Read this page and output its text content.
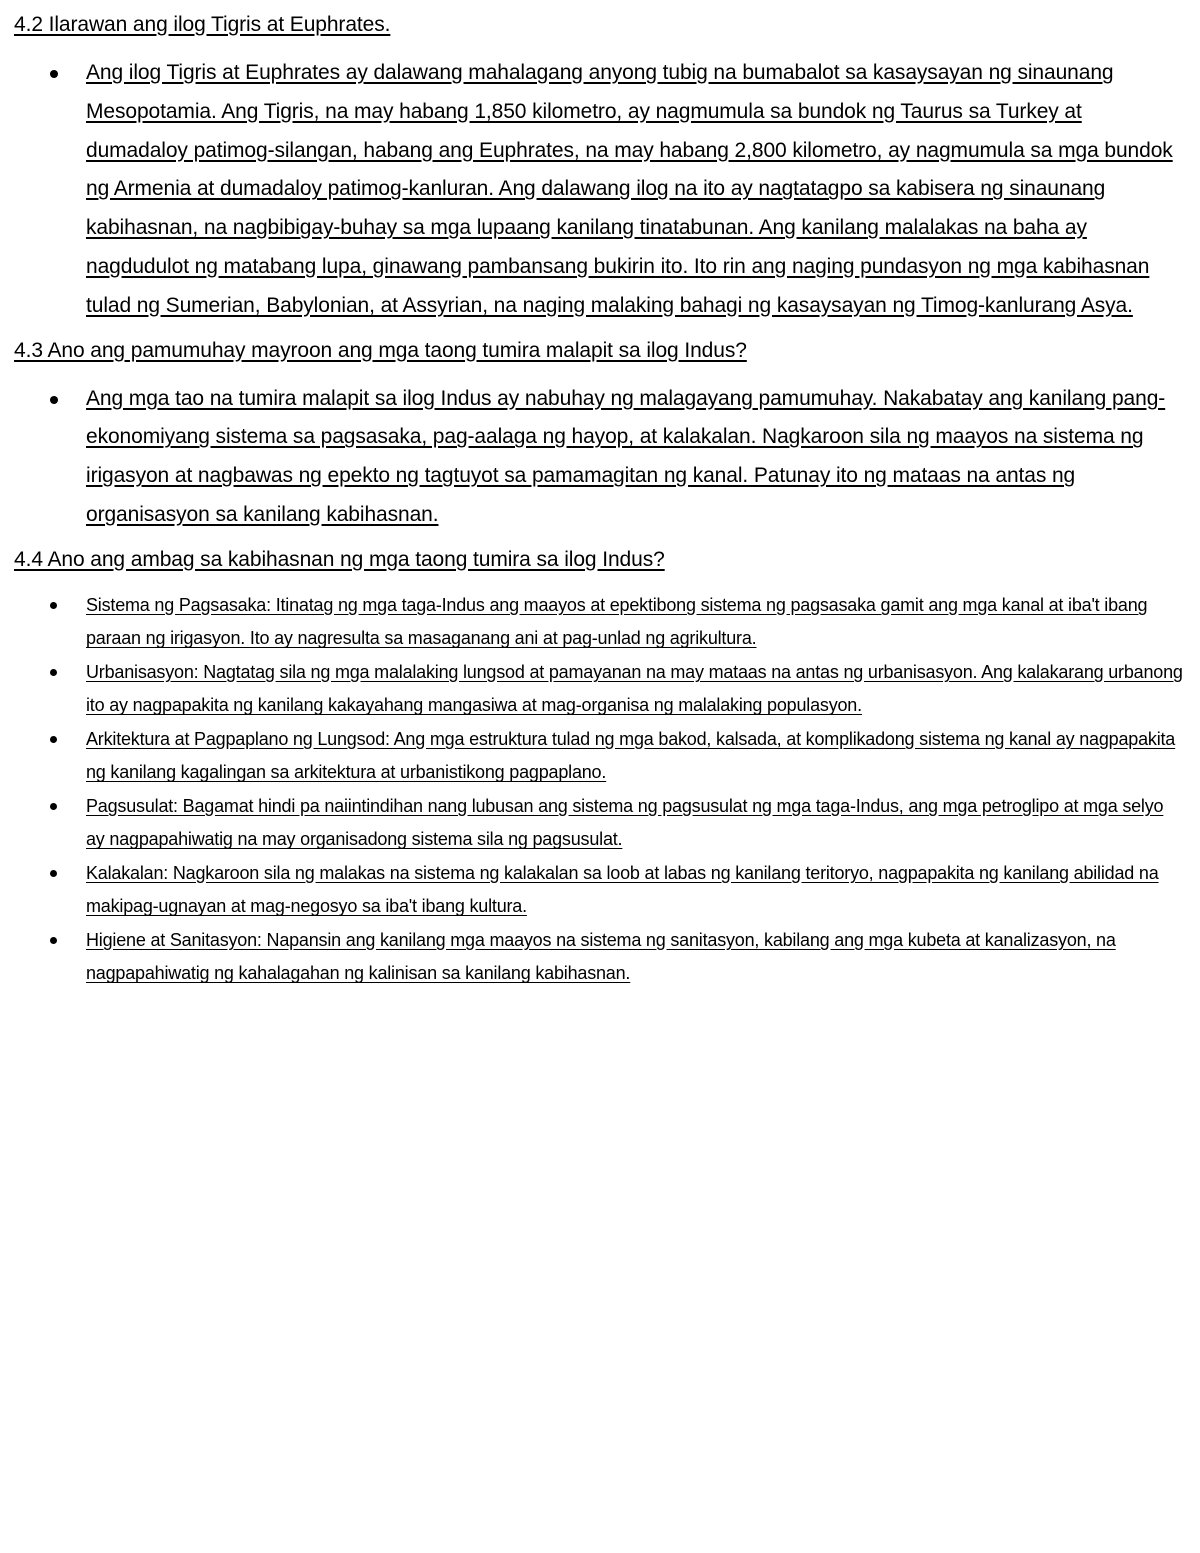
4.2 Ilarawan ang ilog Tigris at Euphrates.
Ang ilog Tigris at Euphrates ay dalawang mahalagang anyong tubig na bumabalot sa kasaysayan ng sinaunang Mesopotamia. Ang Tigris, na may habang 1,850 kilometro, ay nagmumula sa bundok ng Taurus sa Turkey at dumadaloy patimog-silangan, habang ang Euphrates, na may habang 2,800 kilometro, ay nagmumula sa mga bundok ng Armenia at dumadaloy patimog-kanluran. Ang dalawang ilog na ito ay nagtatagpo sa kabisera ng sinaunang kabihasnan, na nagbibigay-buhay sa mga lupaang kanilang tinatabunan. Ang kanilang malalakas na baha ay nagdudulot ng matabang lupa, ginawang pambansang bukirin ito. Ito rin ang naging pundasyon ng mga kabihasnan tulad ng Sumerian, Babylonian, at Assyrian, na naging malaking bahagi ng kasaysayan ng Timog-kanlurang Asya.
4.3 Ano ang pamumuhay mayroon ang mga taong tumira malapit sa ilog Indus?
Ang mga tao na tumira malapit sa ilog Indus ay nabuhay ng malagayang pamumuhay. Nakabatay ang kanilang pang-ekonomiyang sistema sa pagsasaka, pag-aalaga ng hayop, at kalakalan. Nagkaroon sila ng maayos na sistema ng irigasyon at nagbawas ng epekto ng tagtuyot sa pamamagitan ng kanal. Patunay ito ng mataas na antas ng organisasyon sa kanilang kabihasnan.
4.4 Ano ang ambag sa kabihasnan ng mga taong tumira sa ilog Indus?
Sistema ng Pagsasaka: Itinatag ng mga taga-Indus ang maayos at epektibong sistema ng pagsasaka gamit ang mga kanal at iba't ibang paraan ng irigasyon. Ito ay nagresulta sa masaganang ani at pag-unlad ng agrikultura.
Urbanisasyon: Nagtatag sila ng mga malalaking lungsod at pamayanan na may mataas na antas ng urbanisasyon. Ang kalakarang urbanong ito ay nagpapakita ng kanilang kakayahang mangasiwa at mag-organisa ng malalaking populasyon.
Arkitektura at Pagpaplano ng Lungsod: Ang mga estruktura tulad ng mga bakod, kalsada, at komplikadong sistema ng kanal ay nagpapakita ng kanilang kagalingan sa arkitektura at urbanistikong pagpaplano.
Pagsusulat: Bagamat hindi pa naiintindihan nang lubusan ang sistema ng pagsusulat ng mga taga-Indus, ang mga petroglipo at mga selyo ay nagpapahiwatig na may organisadong sistema sila ng pagsusulat.
Kalakalan: Nagkaroon sila ng malakas na sistema ng kalakalan sa loob at labas ng kanilang teritoryo, nagpapakita ng kanilang abilidad na makipag-ugnayan at mag-negosyo sa iba't ibang kultura.
Higiene at Sanitasyon: Napansin ang kanilang mga maayos na sistema ng sanitasyon, kabilang ang mga kubeta at kanalizasyon, na nagpapahiwatig ng kahalagahan ng kalinisan sa kanilang kabihasnan.
